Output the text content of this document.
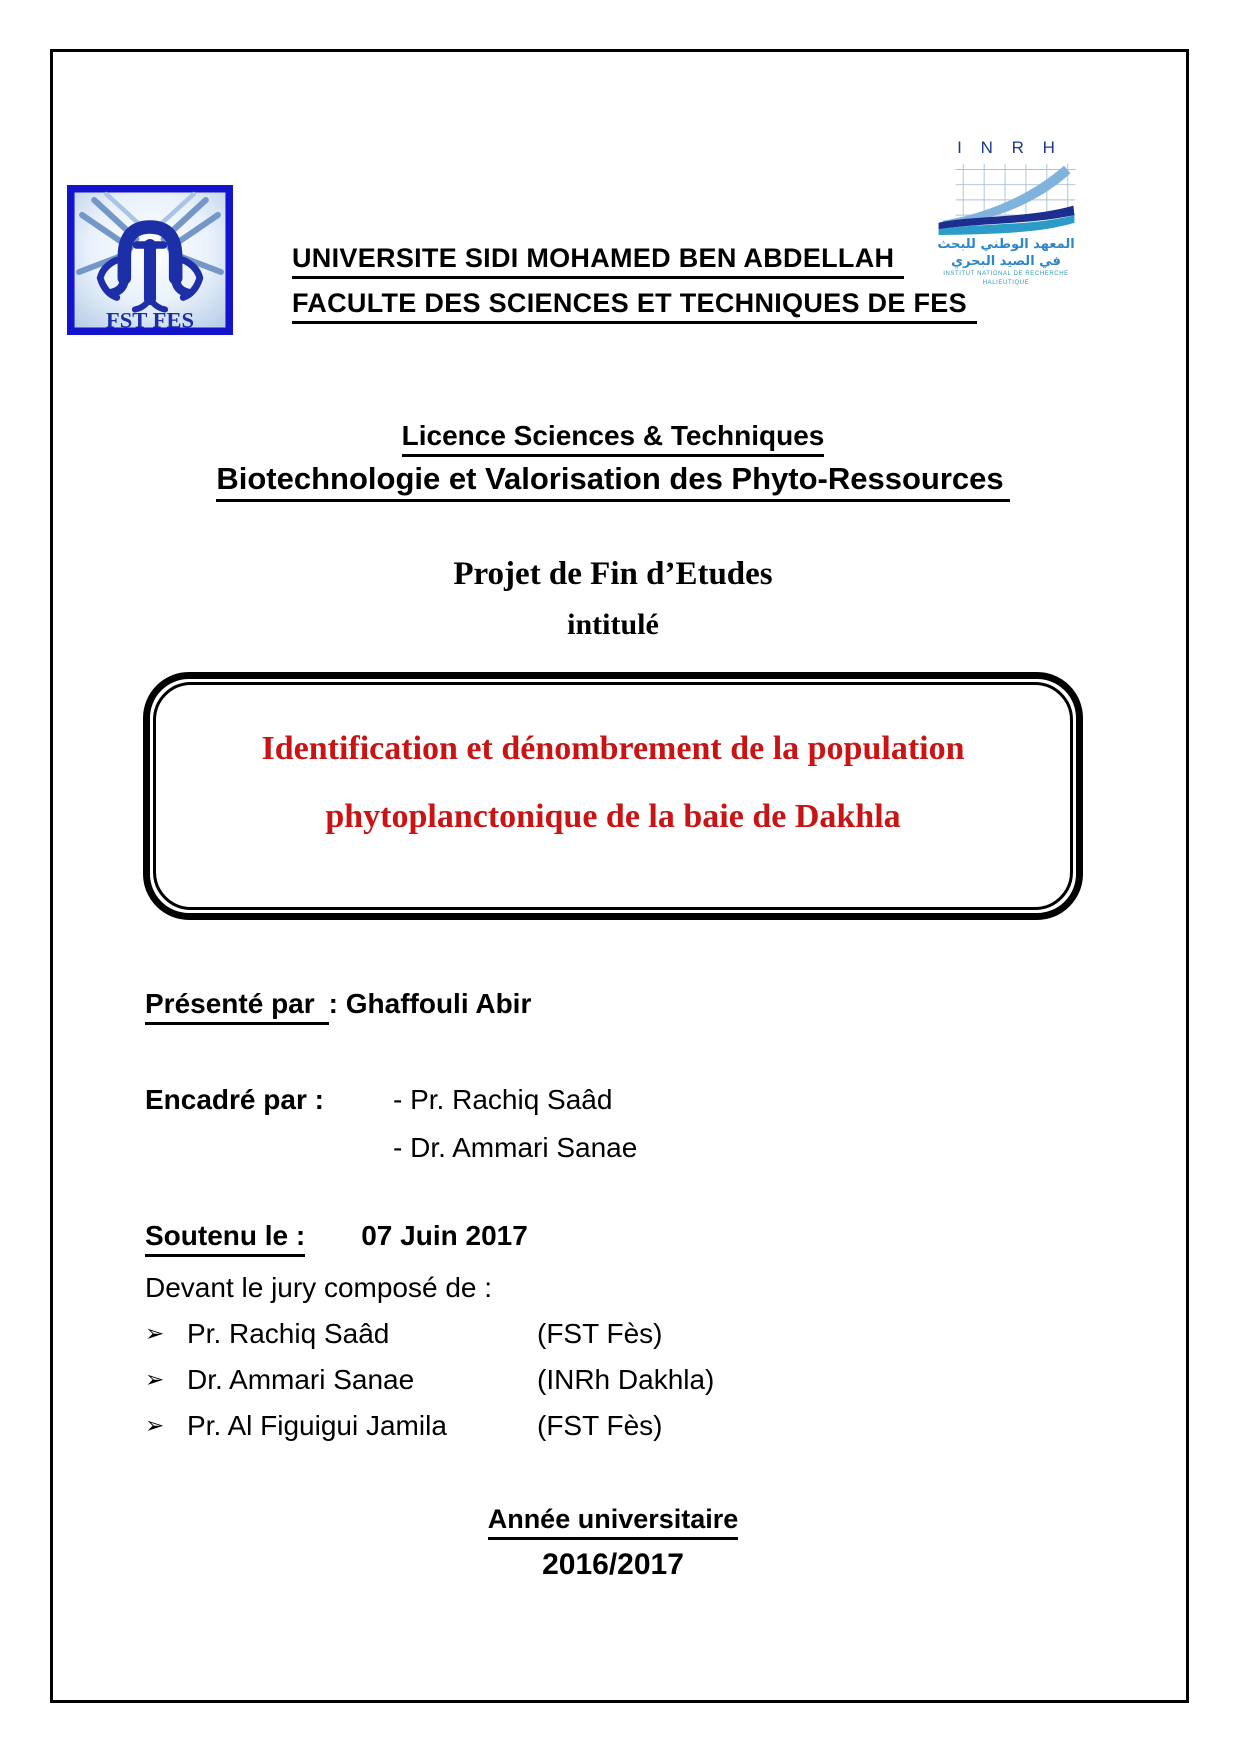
FST FES
I N R H
المعهد الوطني للبحث في الصيد البحري
INSTITUT NATIONAL DE RECHERCHE HALIEUTIQUE
UNIVERSITE SIDI MOHAMED BEN ABDELLAH
FACULTE DES SCIENCES ET TECHNIQUES DE FES
Licence Sciences & Techniques
Biotechnologie et Valorisation des Phyto-Ressources
Projet de Fin d’Etudes
intitulé
Identification et dénombrement de la population
phytoplanctonique de la baie de Dakhla
Présenté par : Ghaffouli Abir
Encadré par : - Pr. Rachiq Saâd
- Dr. Ammari Sanae
Soutenu le : 07 Juin 2017
Devant le jury composé de :
➢ Pr. Rachiq Saâd	(FST Fès)
➢ Dr. Ammari Sanae	(INRh Dakhla)
➢ Pr. Al Figuigui Jamila	(FST Fès)
Année universitaire
2016/2017
